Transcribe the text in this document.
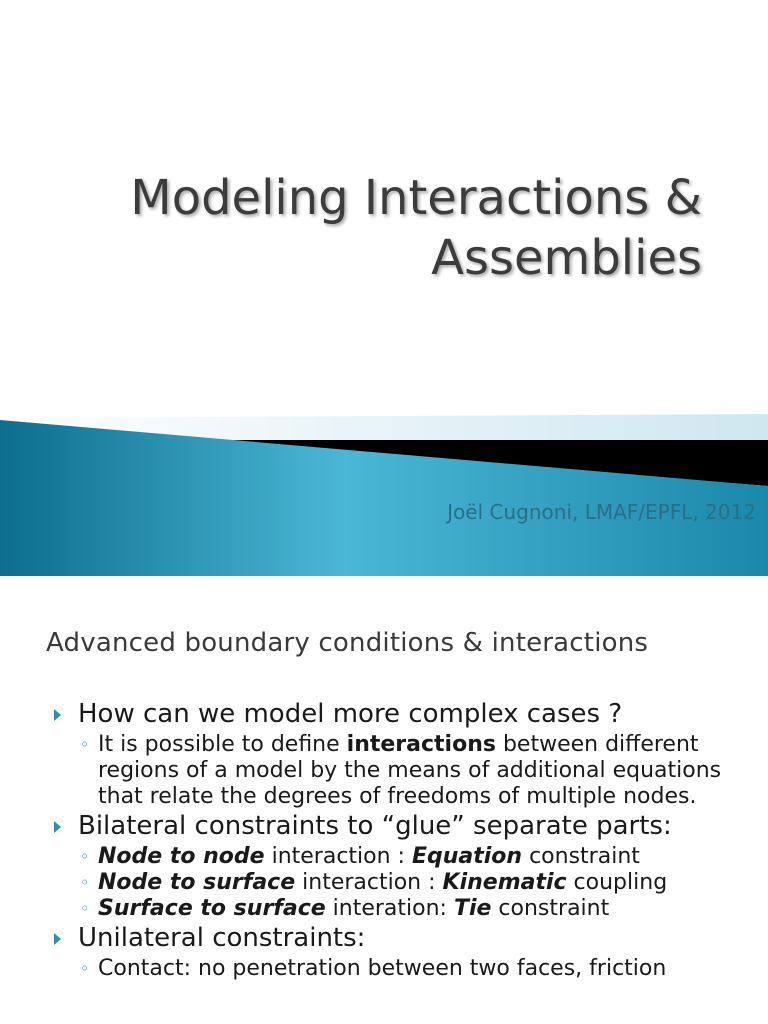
Modeling Interactions &
Assemblies
Joël Cugnoni, LMAF/EPFL, 2012
Advanced boundary conditions & interactions
How can we model more complex cases ?
◦ It is possible to define interactions between different regions of a model by the means of additional equations that relate the degrees of freedoms of multiple nodes.
Bilateral constraints to “glue” separate parts:
◦ Node to node interaction : Equation constraint
◦ Node to surface interaction : Kinematic coupling
◦ Surface to surface interation: Tie constraint
Unilateral constraints:
◦ Contact: no penetration between two faces, friction
